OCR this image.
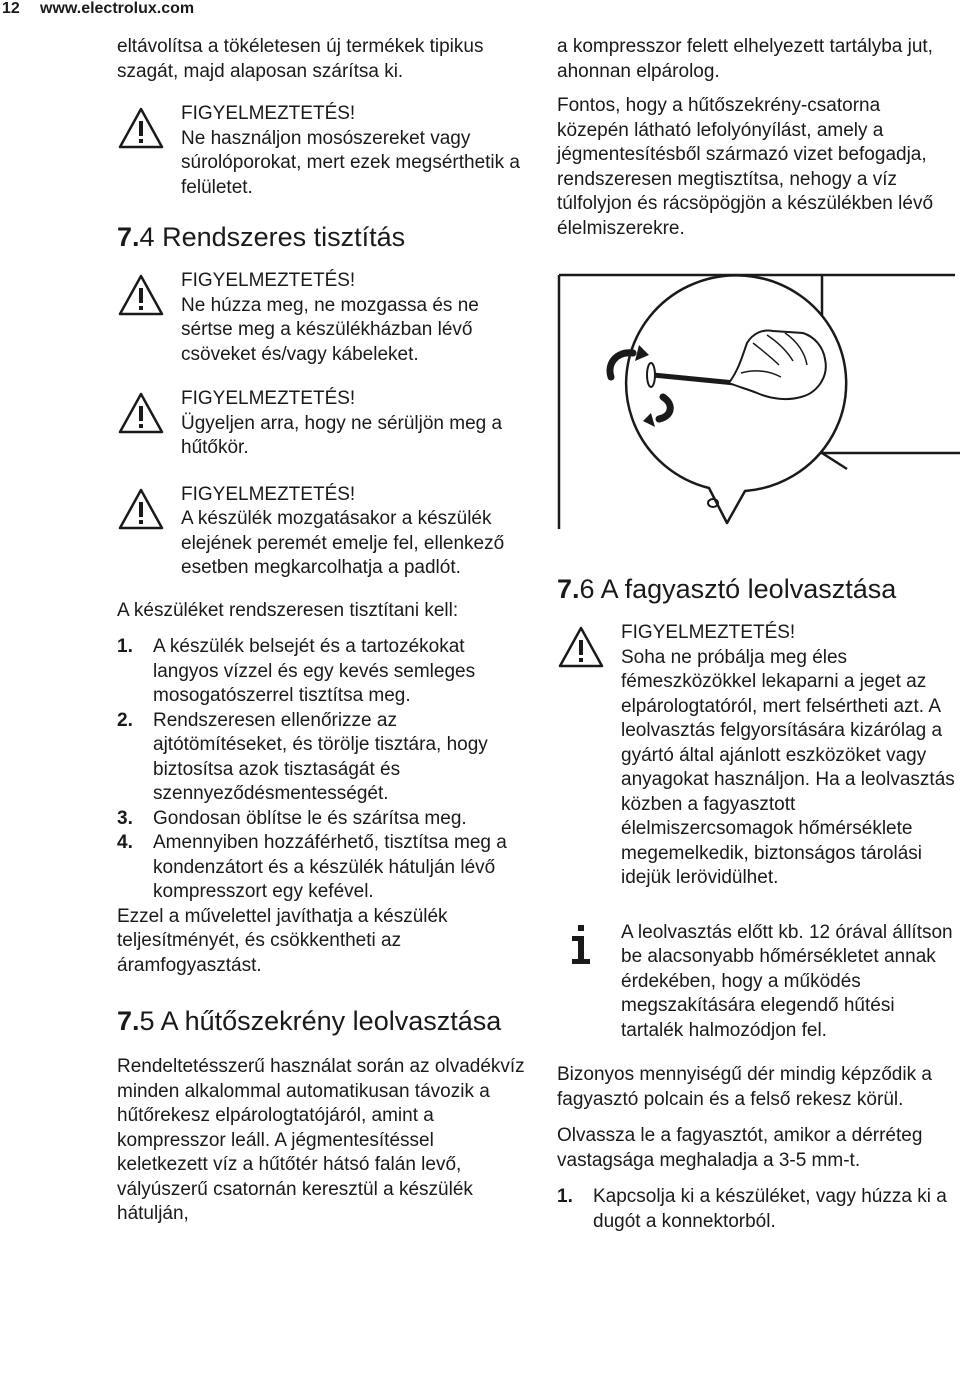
12 www.electrolux.com

eltávolítsa a tökéletesen új termékek tipikus szagát, majd alaposan szárítsa ki.

FIGYELMEZTETÉS!

Ne használjon mosószereket vagy súrolóporokat, mert ezek megsérthetik a felületet.

7.4 Rendszeres tisztítás

FIGYELMEZTETÉS!

Ne húzza meg, ne mozgassa és ne sértse meg a készülékházban lévő csöveket és/vagy kábeleket.

FIGYELMEZTETÉS!

Ügyeljen arra, hogy ne sérüljön meg a hűtőkör.

FIGYELMEZTETÉS!

A készülék mozgatásakor a készülék elejének peremét emelje fel, ellenkező esetben megkarcolhatja a padlót.

A készüléket rendszeresen tisztítani kell:

1. A készülék belsejét és a tartozékokat langyos vízzel és egy kevés semleges mosogatószerrel tisztítsa meg.
2. Rendszeresen ellenőrizze az ajtótömítéseket, és törölje tisztára, hogy biztosítsa azok tisztaságát és szennyeződésmentességét.
3. Gondosan öblítse le és szárítsa meg.
4. Amennyiben hozzáférhető, tisztítsa meg a kondenzátort és a készülék hátulján lévő kompresszort egy kefével.

Ezzel a művelettel javíthatja a készülék teljesítményét, és csökkentheti az áramfogyasztást.

7.5 A hűtőszekrény leolvasztása

Rendeltetésszerű használat során az olvadékvíz minden alkalommal automatikusan távozik a hűtőrekesz elpárologtatójáról, amint a kompresszor leáll. A jégmentesítéssel keletkezett víz a hűtőtér hátsó falán levő, vályúszerű csatornán keresztül a készülék hátulján,

a kompresszor felett elhelyezett tartályba jut, ahonnan elpárolog.

Fontos, hogy a hűtőszekrény-csatorna közepén látható lefolyónyílást, amely a jégmentesítésből származó vizet befogadja, rendszeresen megtisztítsa, nehogy a víz túlfolyjon és rácsöpögjön a készülékben lévő élelmiszerekre.

7.6 A fagyasztó leolvasztása

FIGYELMEZTETÉS!

Soha ne próbálja meg éles fémeszközökkel lekaparni a jeget az elpárologtatóról, mert felsértheti azt. A leolvasztás felgyorsítására kizárólag a gyártó által ajánlott eszközöket vagy anyagokat használjon. Ha a leolvasztás közben a fagyasztott élelmiszercsomagok hőmérséklete megemelkedik, biztonságos tárolási idejük lerövidülhet.

A leolvasztás előtt kb. 12 órával állítson be alacsonyabb hőmérsékletet annak érdekében, hogy a működés megszakítására elegendő hűtési tartalék halmozódjon fel.

Bizonyos mennyiségű dér mindig képződik a fagyasztó polcain és a felső rekesz körül.

Olvassza le a fagyasztót, amikor a dérréteg vastagsága meghaladja a 3-5 mm-t.

1. Kapcsolja ki a készüléket, vagy húzza ki a dugót a konnektorból.
